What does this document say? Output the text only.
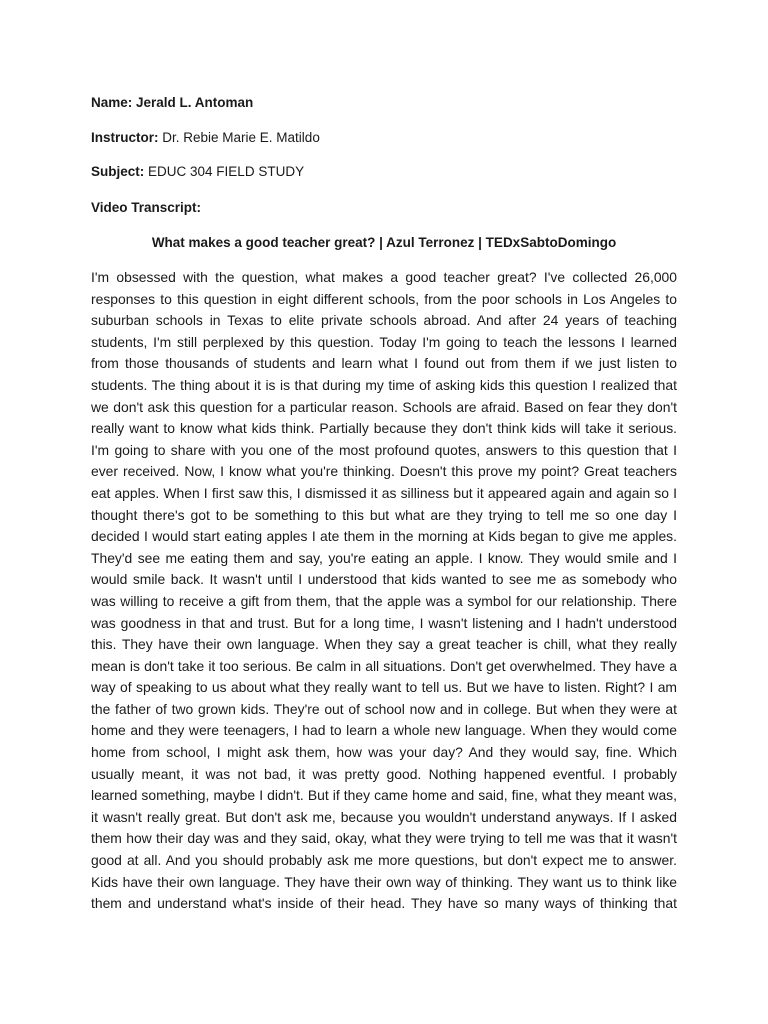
Name: Jerald L. Antoman
Instructor: Dr. Rebie Marie E. Matildo
Subject: EDUC 304 FIELD STUDY
Video Transcript:
What makes a good teacher great? | Azul Terronez | TEDxSabtoDomingo
I'm obsessed with the question, what makes a good teacher great? I've collected 26,000
responses to this question in eight different schools, from the poor schools in Los Angeles to
suburban schools in Texas to elite private schools abroad. And after 24 years of teaching
students, I'm still perplexed by this question. Today I'm going to teach the lessons I learned
from those thousands of students and learn what I found out from them if we just listen to
students. The thing about it is is that during my time of asking kids this question I realized that
we don't ask this question for a particular reason. Schools are afraid. Based on fear they don't
really want to know what kids think. Partially because they don't think kids will take it serious.
I'm going to share with you one of the most profound quotes, answers to this question that I
ever received. Now, I know what you're thinking. Doesn't this prove my point? Great teachers
eat apples. When I first saw this, I dismissed it as silliness but it appeared again and again so I
thought there's got to be something to this but what are they trying to tell me so one day I
decided I would start eating apples I ate them in the morning at Kids began to give me apples.
They'd see me eating them and say, you're eating an apple. I know. They would smile and I
would smile back. It wasn't until I understood that kids wanted to see me as somebody who
was willing to receive a gift from them, that the apple was a symbol for our relationship. There
was goodness in that and trust. But for a long time, I wasn't listening and I hadn't understood
this. They have their own language. When they say a great teacher is chill, what they really
mean is don't take it too serious. Be calm in all situations. Don't get overwhelmed. They have a
way of speaking to us about what they really want to tell us. But we have to listen. Right? I am
the father of two grown kids. They're out of school now and in college. But when they were at
home and they were teenagers, I had to learn a whole new language. When they would come
home from school, I might ask them, how was your day? And they would say, fine. Which
usually meant, it was not bad, it was pretty good. Nothing happened eventful. I probably
learned something, maybe I didn't. But if they came home and said, fine, what they meant was,
it wasn't really great. But don't ask me, because you wouldn't understand anyways. If I asked
them how their day was and they said, okay, what they were trying to tell me was that it wasn't
good at all. And you should probably ask me more questions, but don't expect me to answer.
Kids have their own language. They have their own way of thinking. They want us to think like
them and understand what's inside of their head. They have so many ways of thinking that
